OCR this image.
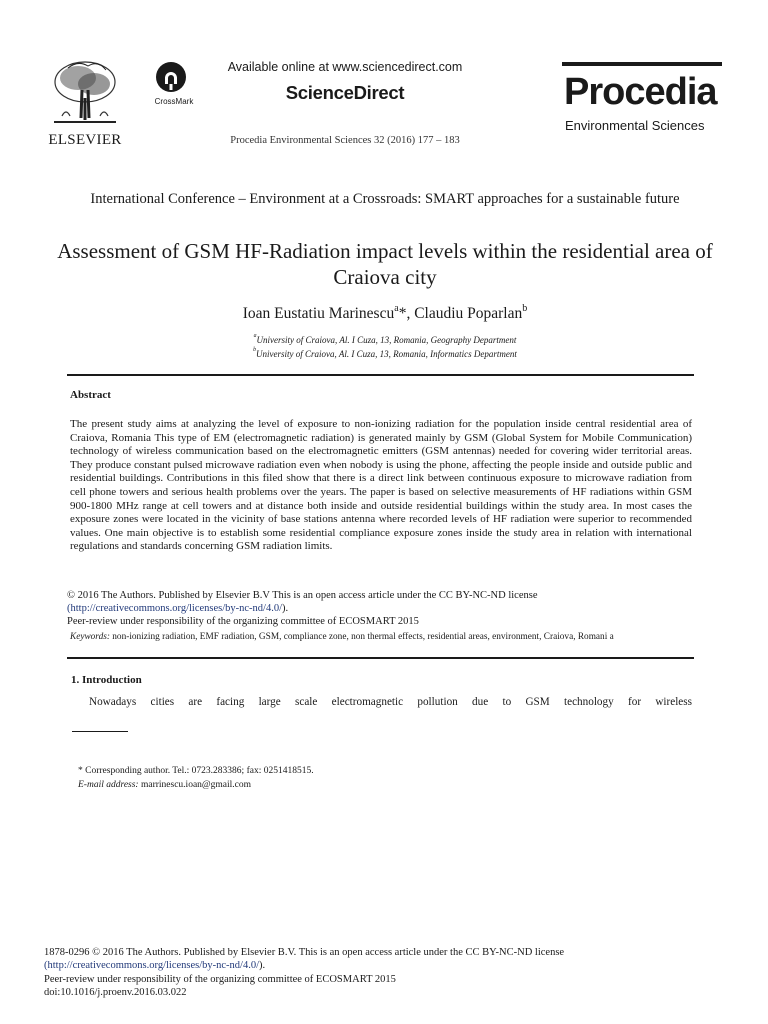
ELSEVIER
CrossMark
Available online at www.sciencedirect.com
ScienceDirect
Procedia Environmental Sciences 32 (2016) 177 – 183
Procedia
Environmental Sciences
International Conference – Environment at a Crossroads: SMART approaches for a sustainable future
Assessment of GSM HF-Radiation impact levels within the residential area of Craiova city
Ioan Eustatiu Marinescu$^a$*, Claudiu Poparlan$^b$
$^a$University of Craiova, Al. I Cuza, 13, Romania, Geography Department
$^b$University of Craiova, Al. I Cuza, 13, Romania, Informatics Department
Abstract
The present study aims at analyzing the level of exposure to non-ionizing radiation for the population inside central residential area of Craiova, Romania This type of EM (electromagnetic radiation) is generated mainly by GSM (Global System for Mobile Communication) technology of wireless communication based on the electromagnetic emitters (GSM antennas) needed for covering wider territorial areas. They produce constant pulsed microwave radiation even when nobody is using the phone, affecting the people inside and outside public and residential buildings. Contributions in this filed show that there is a direct link between continuous exposure to microwave radiation from cell phone towers and serious health problems over the years. The paper is based on selective measurements of HF radiations within GSM 900-1800 MHz range at cell towers and at distance both inside and outside residential buildings within the study area. In most cases the exposure zones were located in the vicinity of base stations antenna where recorded levels of HF radiation were superior to recommended values. One main objective is to establish some residential compliance exposure zones inside the study area in relation with international regulations and standards concerning GSM radiation limits.
© 2016 The Authors. Published by Elsevier B.V This is an open access article under the CC BY-NC-ND license
(http://creativecommons.org/licenses/by-nc-nd/4.0/).
Peer-review under responsibility of the organizing committee of ECOSMART 2015
Keywords: non-ionizing radiation, EMF radiation, GSM, compliance zone, non thermal effects, residential areas, environment, Craiova, Romani a
1. Introduction
Nowadays cities are facing large scale electromagnetic pollution due to GSM technology for wireless
* Corresponding author. Tel.: 0723.283386; fax: 0251418515.
E-mail address: marrinescu.ioan@gmail.com
1878-0296 © 2016 The Authors. Published by Elsevier B.V. This is an open access article under the CC BY-NC-ND license
(http://creativecommons.org/licenses/by-nc-nd/4.0/).
Peer-review under responsibility of the organizing committee of ECOSMART 2015
doi:10.1016/j.proenv.2016.03.022
